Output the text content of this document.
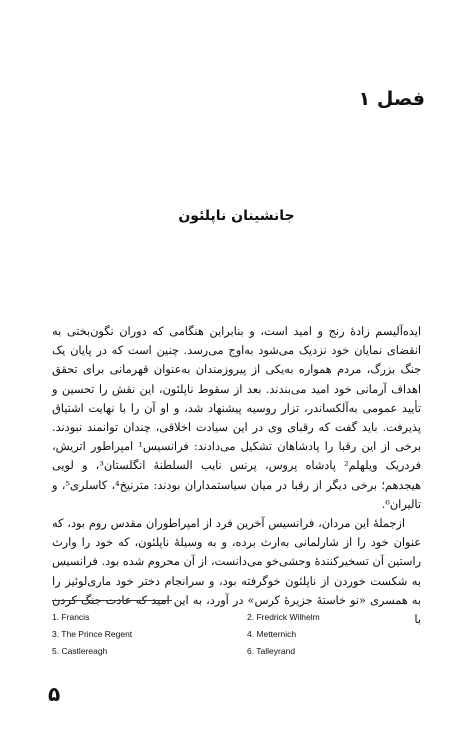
فصل ۱
جانشینان ناپلئون

ایده‌آلیسم زادهٔ رنج و امید است، و بنابراین هنگامی که دوران نگون‌بختی به انقضای نمایان خود نزدیک می‌شود به‌اوج می‌رسد. چنین است که در پایان یک جنگ بزرگ، مردم همواره به‌یکی از پیروزمندان به‌عنوان قهرمانی برای تحقق اهداف آرمانی خود امید می‌بندند. بعد از سقوط ناپلئون، این نقش را تحسین و تأیید عمومی به‌آلکساندر، تزار روسیه پیشنهاد شد، و او آن را با نهایت اشتیاق پذیرفت. باید گفت که رقبای وی در این سیادت اخلاقی، چندان توانمند نبودند. برخی از این رقبا را پادشاهان تشکیل می‌دادند: فرانسیس¹ امپراطور اتریش، فردریک ویلهلم² پادشاه پروس، پرنس نایب السلطنهٔ انگلستان³، و لویی هیجدهم؛ برخی دیگر از رقبا در میان سیاستمداران بودند: مترنیخ⁴، کاسلری⁵، و تالیران⁶.

ازجملهٔ این مردان، فرانسیس آخرین فرد از امپراطوران مقدس روم بود، که عنوان خود را از شارلمانی به‌ارث برده، و به وسیلهٔ ناپلئون، که خود را وارث راستین آن تسخیرکنندهٔ وحشی‌خو می‌دانست، از آن محروم شده بود. فرانسیس به شکست خوردن از ناپلئون خوگرفته بود، و سرانجام دختر خود ماری‌لوئیز را به همسری «نو خاستهٔ جزیرهٔ کرس» در آورد، به این امید که عادت جنگ کردن با

1. Francis	2. Fredrick Wilhelm
3. The Prince Regent	4. Metternich
5. Castlereagh	6. Talleyrand
۵
